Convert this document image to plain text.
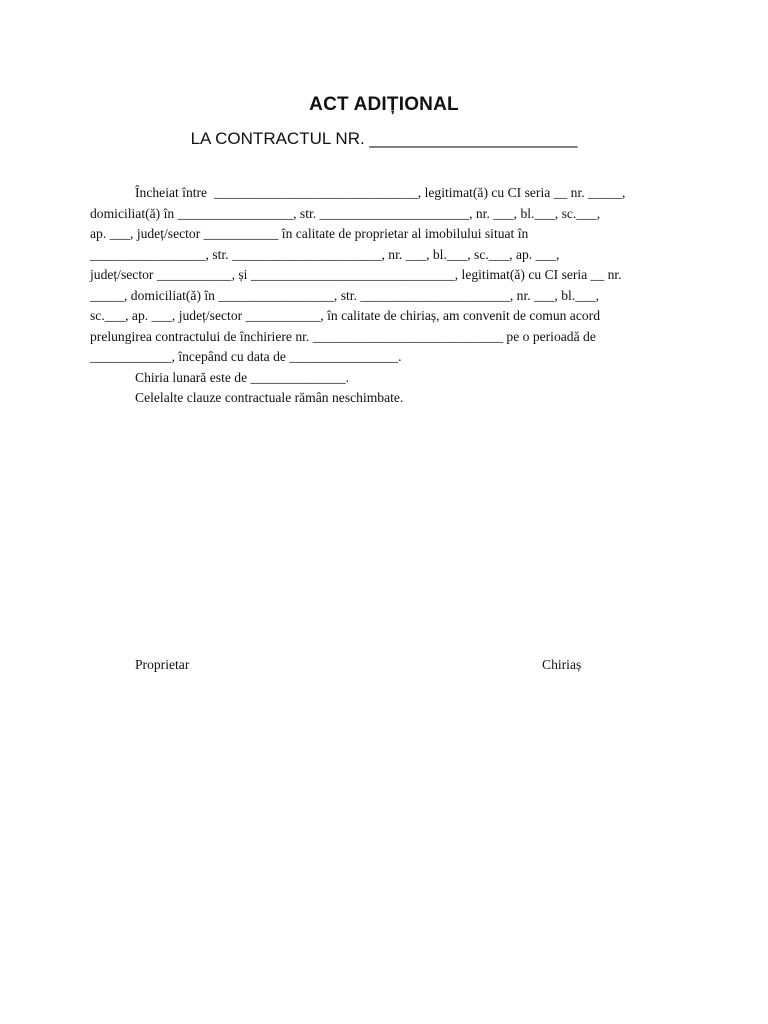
ACT ADIȚIONAL
LA CONTRACTUL NR. ______________________
Încheiat între  ______________________________, legitimat(ă) cu CI seria __ nr. _____,
domiciliat(ă) în _________________, str. ______________________, nr. ___, bl.___, sc.___,
ap. ___, județ/sector ___________ în calitate de proprietar al imobilului situat în
_________________, str. ______________________, nr. ___, bl.___, sc.___, ap. ___,
județ/sector ___________, și ______________________________, legitimat(ă) cu CI seria __ nr.
_____, domiciliat(ă) în _________________, str. ______________________, nr. ___, bl.___,
sc.___, ap. ___, județ/sector ___________, în calitate de chiriaș, am convenit de comun acord
prelungirea contractului de închiriere nr. ____________________________ pe o perioadă de
____________, începând cu data de ________________.
Chiria lunară este de ______________.
Celelalte clauze contractuale rămân neschimbate.
Proprietar	Chiriaș
